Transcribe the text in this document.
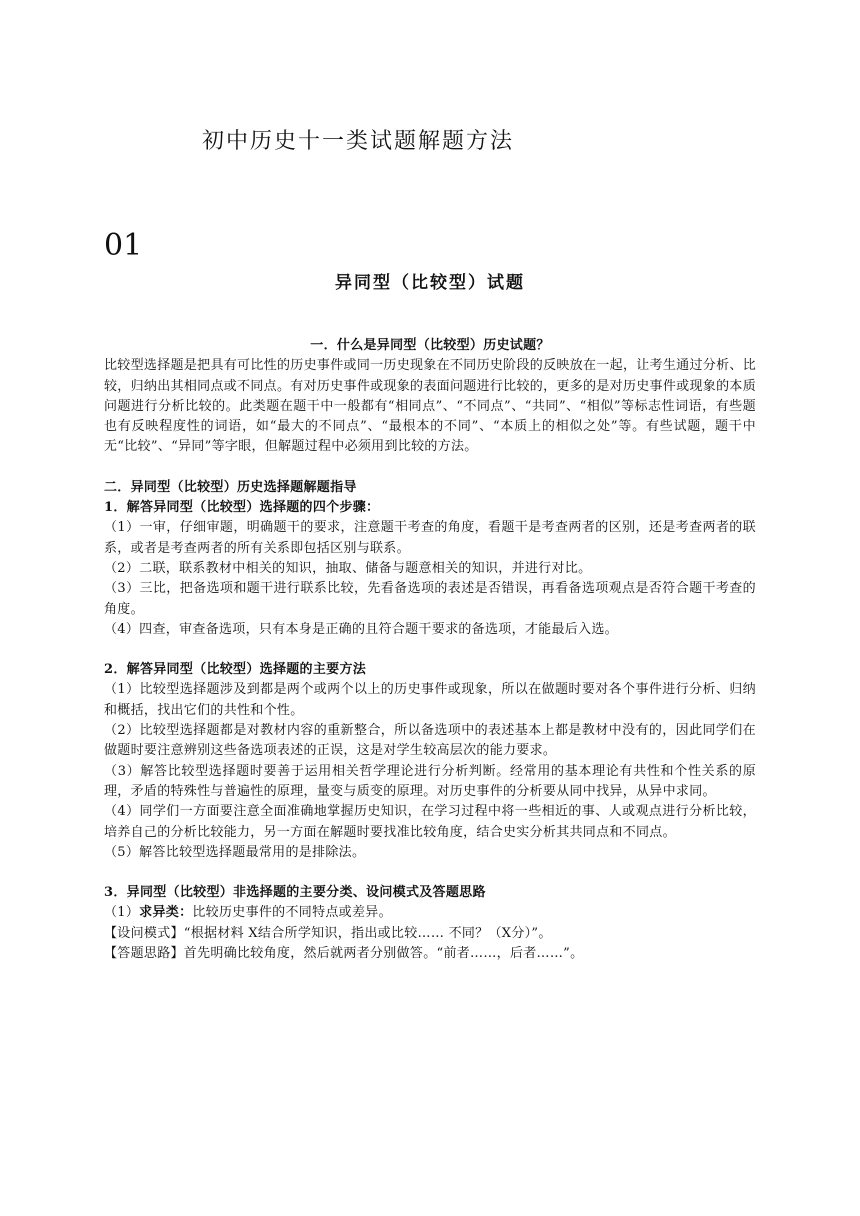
初中历史十一类试题解题方法
01
异同型（比较型）试题

一．什么是异同型（比较型）历史试题？

比较型选择题是把具有可比性的历史事件或同一历史现象在不同历史阶段的反映放在一起，让考生通过分析、比较，归纳出其相同点或不同点。有对历史事件或现象的表面问题进行比较的，更多的是对历史事件或现象的本质问题进行分析比较的。此类题在题干中一般都有“相同点”、“不同点”、“共同”、“相似”等标志性词语，有些题也有反映程度性的词语，如“最大的不同点”、“最根本的不同”、“本质上的相似之处”等。有些试题，题干中无“比较”、“异同”等字眼，但解题过程中必须用到比较的方法。

二．异同型（比较型）历史选择题解题指导

1．解答异同型（比较型）选择题的四个步骤：

（1）一审，仔细审题，明确题干的要求，注意题干考查的角度，看题干是考查两者的区别，还是考查两者的联系，或者是考查两者的所有关系即包括区别与联系。

（2）二联，联系教材中相关的知识，抽取、储备与题意相关的知识，并进行对比。

（3）三比，把备选项和题干进行联系比较，先看备选项的表述是否错误，再看备选项观点是否符合题干考查的角度。

（4）四查，审查备选项，只有本身是正确的且符合题干要求的备选项，才能最后入选。

2．解答异同型（比较型）选择题的主要方法

（1）比较型选择题涉及到都是两个或两个以上的历史事件或现象，所以在做题时要对各个事件进行分析、归纳和概括，找出它们的共性和个性。

（2）比较型选择题都是对教材内容的重新整合，所以备选项中的表述基本上都是教材中没有的，因此同学们在做题时要注意辨别这些备选项表述的正误，这是对学生较高层次的能力要求。

（3）解答比较型选择题时要善于运用相关哲学理论进行分析判断。经常用的基本理论有共性和个性关系的原理，矛盾的特殊性与普遍性的原理，量变与质变的原理。对历史事件的分析要从同中找异，从异中求同。

（4）同学们一方面要注意全面准确地掌握历史知识，在学习过程中将一些相近的事、人或观点进行分析比较，培养自己的分析比较能力，另一方面在解题时要找准比较角度，结合史实分析其共同点和不同点。

（5）解答比较型选择题最常用的是排除法。

3．异同型（比较型）非选择题的主要分类、设问模式及答题思路

（1）求异类：比较历史事件的不同特点或差异。

【设问模式】“根据材料 X结合所学知识，指出或比较…… 不同？（X分）”。

【答题思路】首先明确比较角度，然后就两者分别做答。“前者……，后者……”。
